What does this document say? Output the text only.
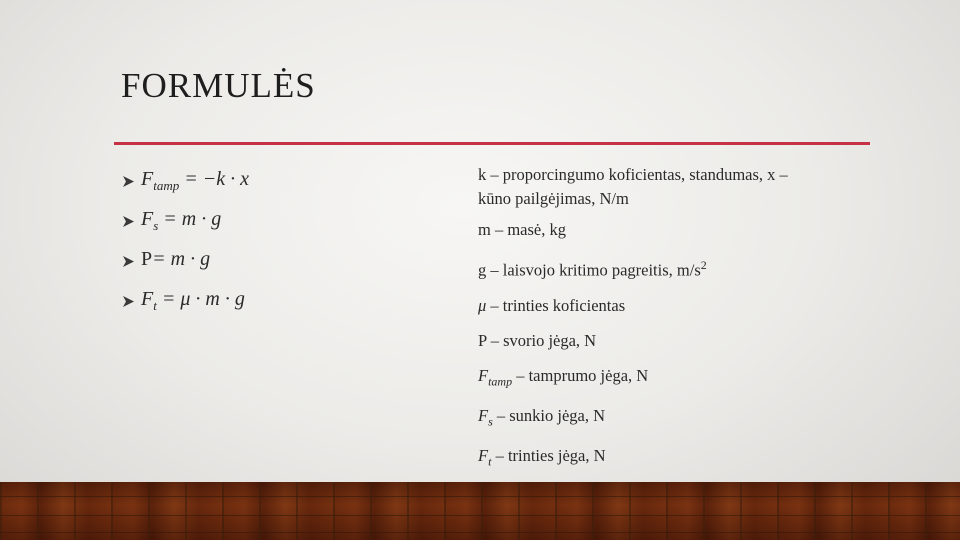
FORMULĖS
$F_{tamp} = -k \cdot x$
$F_s = m \cdot g$
P= m · g
$F_t = \mu \cdot m \cdot g$
k – proporcingumo koficientas, standumas, x –
kūno pailgėjimas, N/m
m – masė, kg
g – laisvojo kritimo pagreitis, $m/s^2$
μ – trinties koficientas
P – svorio jėga, N
$F_{tamp}$ – tamprumo jėga, N
$F_s$ – sunkio jėga, N
$F_t$ – trinties jėga, N
